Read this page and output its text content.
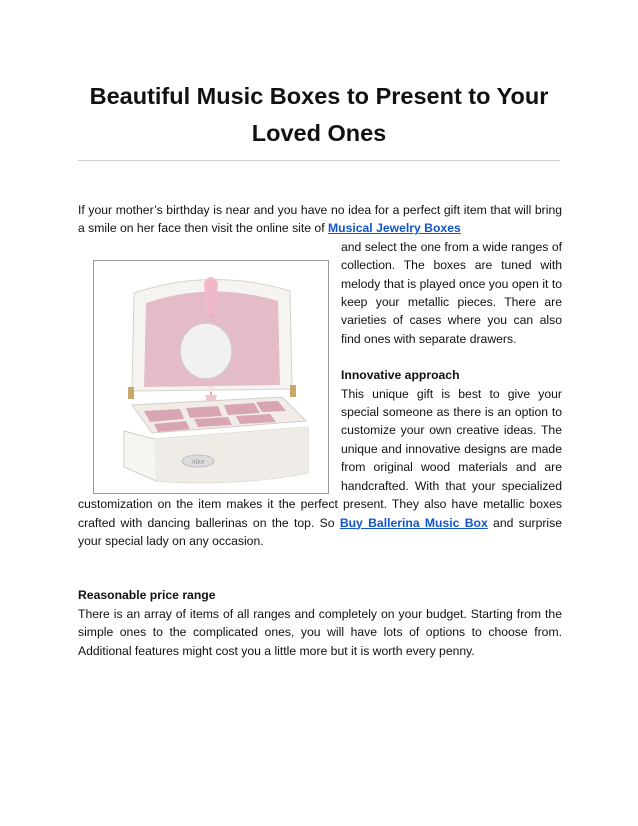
Beautiful Music Boxes to Present to Your Loved Ones

If your mother’s birthday is near and you have no idea for a perfect gift item that will bring a smile on her face then visit the online site of Musical Jewelry Boxes

Alice

and select the one from a wide ranges of collection. The boxes are tuned with melody that is played once you open it to keep your metallic pieces. There are varieties of cases where you can also find ones with separate drawers.

Innovative approach

This unique gift is best to give your special someone as there is an option to customize your own creative ideas. The unique and innovative designs are made from original wood materials and are handcrafted. With that your specialized customization on the item makes it the perfect present. They also have metallic boxes crafted with dancing ballerinas on the top. So Buy Ballerina Music Box and surprise your special lady on any occasion.

Reasonable price range

There is an array of items of all ranges and completely on your budget. Starting from the simple ones to the complicated ones, you will have lots of options to choose from. Additional features might cost you a little more but it is worth every penny.
